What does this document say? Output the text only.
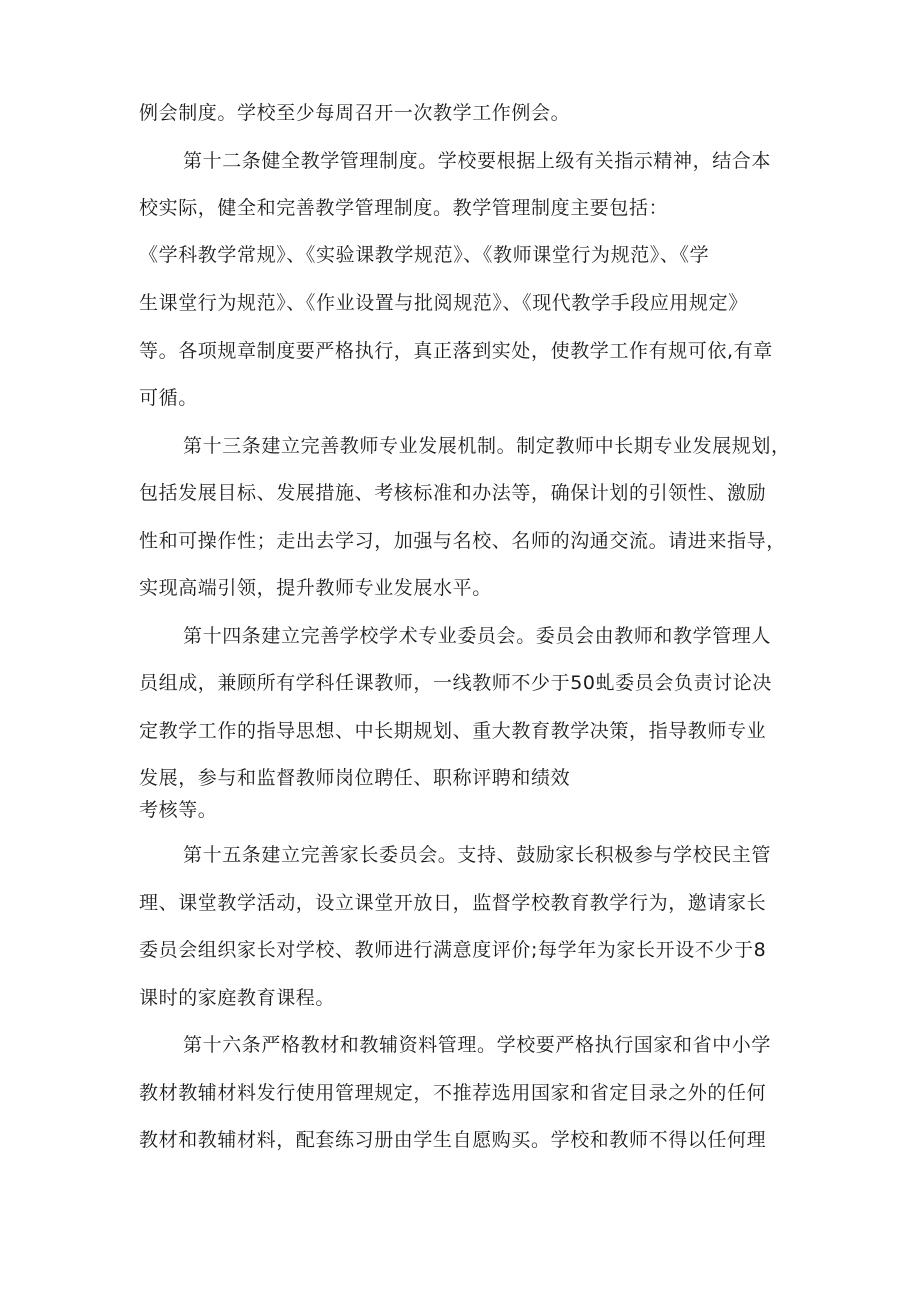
例会制度。学校至少每周召开一次教学工作例会。

第十二条健全教学管理制度。学校要根据上级有关指示精神，结合本

校实际，健全和完善教学管理制度。教学管理制度主要包括：

《学科教学常规》、《实验课教学规范》、《教师课堂行为规范》、《学

生课堂行为规范》、《作业设置与批阅规范》、《现代教学手段应用规定》

等。各项规章制度要严格执行，真正落到实处，使教学工作有规可依,有章

可循。

第十三条建立完善教师专业发展机制。制定教师中长期专业发展规划，

包括发展目标、发展措施、考核标准和办法等，确保计划的引领性、激励

性和可操作性；走出去学习，加强与名校、名师的沟通交流。请进来指导，

实现高端引领，提升教师专业发展水平。

第十四条建立完善学校学术专业委员会。委员会由教师和教学管理人

员组成，兼顾所有学科任课教师，一线教师不少于50虬委员会负责讨论决

定教学工作的指导思想、中长期规划、重大教育教学决策，指导教师专业

发展，参与和监督教师岗位聘任、职称评聘和绩效

考核等。

第十五条建立完善家长委员会。支持、鼓励家长积极参与学校民主管

理、课堂教学活动，设立课堂开放日，监督学校教育教学行为，邀请家长

委员会组织家长对学校、教师进行满意度评价;每学年为家长开设不少于8

课时的家庭教育课程。

第十六条严格教材和教辅资料管理。学校要严格执行国家和省中小学

教材教辅材料发行使用管理规定，不推荐选用国家和省定目录之外的任何

教材和教辅材料，配套练习册由学生自愿购买。学校和教师不得以任何理
